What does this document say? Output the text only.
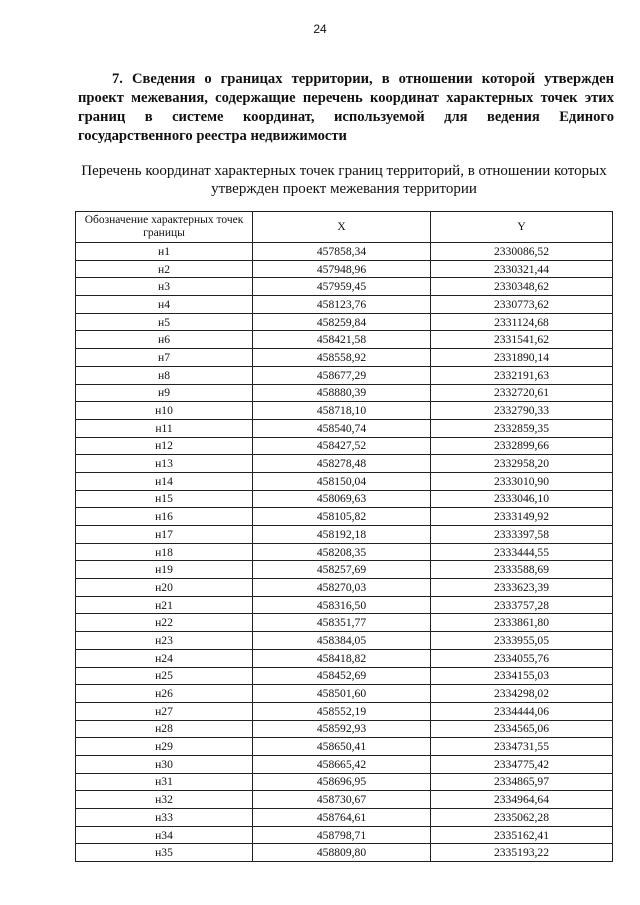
24

7. Сведения о границах территории, в отношении которой утвержден проект межевания, содержащие перечень координат характерных точек этих границ в системе координат, используемой для ведения Единого государственного реестра недвижимости

Перечень координат характерных точек границ территорий, в отношении которых утвержден проект межевания территории

Обозначение характерных точек границы	X	Y
н1	457858,34	2330086,52
н2	457948,96	2330321,44
н3	457959,45	2330348,62
н4	458123,76	2330773,62
н5	458259,84	2331124,68
н6	458421,58	2331541,62
н7	458558,92	2331890,14
н8	458677,29	2332191,63
н9	458880,39	2332720,61
н10	458718,10	2332790,33
н11	458540,74	2332859,35
н12	458427,52	2332899,66
н13	458278,48	2332958,20
н14	458150,04	2333010,90
н15	458069,63	2333046,10
н16	458105,82	2333149,92
н17	458192,18	2333397,58
н18	458208,35	2333444,55
н19	458257,69	2333588,69
н20	458270,03	2333623,39
н21	458316,50	2333757,28
н22	458351,77	2333861,80
н23	458384,05	2333955,05
н24	458418,82	2334055,76
н25	458452,69	2334155,03
н26	458501,60	2334298,02
н27	458552,19	2334444,06
н28	458592,93	2334565,06
н29	458650,41	2334731,55
н30	458665,42	2334775,42
н31	458696,95	2334865,97
н32	458730,67	2334964,64
н33	458764,61	2335062,28
н34	458798,71	2335162,41
н35	458809,80	2335193,22
